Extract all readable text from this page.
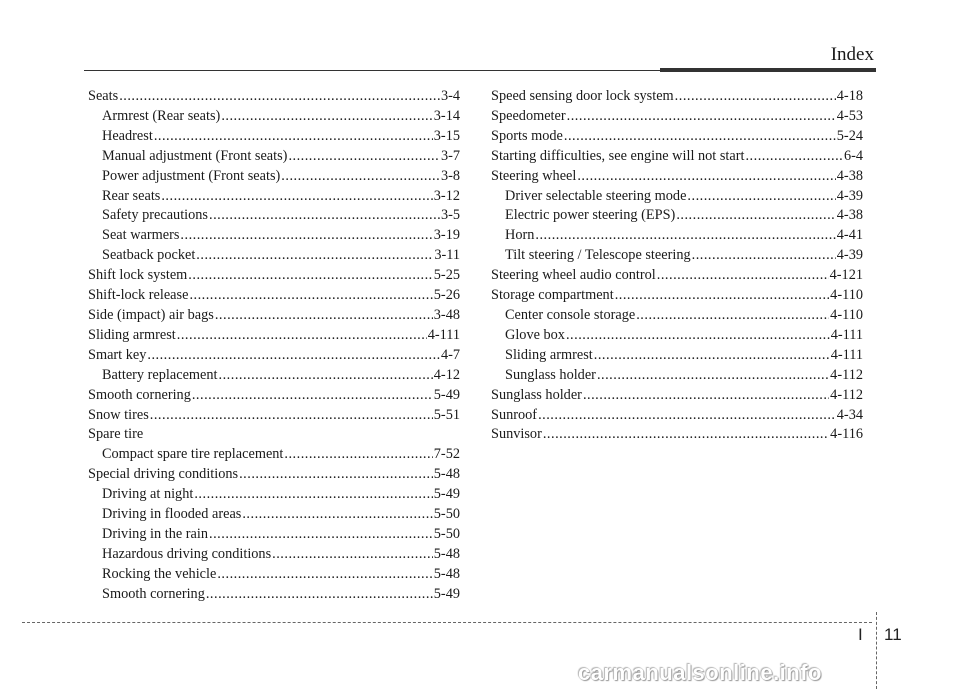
Index
Seats .....	3-4
Armrest (Rear seats) .....	3-14
Headrest .....	3-15
Manual adjustment (Front seats) .....	3-7
Power adjustment (Front seats) .....	3-8
Rear seats .....	3-12
Safety precautions .....	3-5
Seat warmers .....	3-19
Seatback pocket .....	3-11
Shift lock system .....	5-25
Shift-lock release .....	5-26
Side (impact) air bags .....	3-48
Sliding armrest .....	4-111
Smart key .....	4-7
Battery replacement .....	4-12
Smooth cornering .....	5-49
Snow tires .....	5-51
Spare tire
Compact spare tire replacement .....	7-52
Special driving conditions .....	5-48
Driving at night .....	5-49
Driving in flooded areas .....	5-50
Driving in the rain .....	5-50
Hazardous driving conditions .....	5-48
Rocking the vehicle .....	5-48
Smooth cornering .....	5-49
Speed sensing door lock system .....	4-18
Speedometer .....	4-53
Sports mode .....	5-24
Starting difficulties, see engine will not start .....	6-4
Steering wheel .....	4-38
Driver selectable steering mode .....	4-39
Electric power steering (EPS) .....	4-38
Horn .....	4-41
Tilt steering / Telescope steering .....	4-39
Steering wheel audio control .....	4-121
Storage compartment .....	4-110
Center console storage .....	4-110
Glove box .....	4-111
Sliding armrest .....	4-111
Sunglass holder .....	4-112
Sunglass holder .....	4-112
Sunroof .....	4-34
Sunvisor .....	4-116
I 11
carmanualsonline.info
